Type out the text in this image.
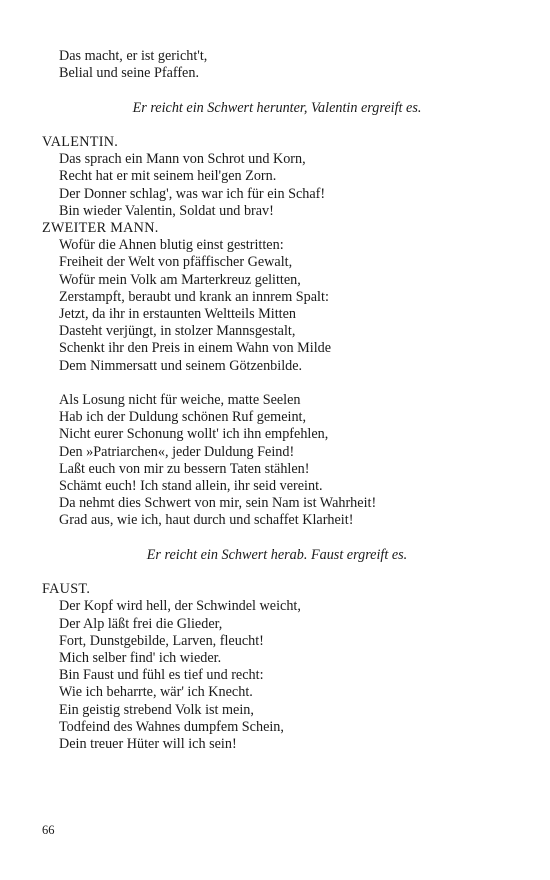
Das macht, er ist gericht't,
Belial und seine Pfaffen.
Er reicht ein Schwert herunter, Valentin ergreift es.
VALENTIN.
Das sprach ein Mann von Schrot und Korn,
Recht hat er mit seinem heil'gen Zorn.
Der Donner schlag', was war ich für ein Schaf!
Bin wieder Valentin, Soldat und brav!
ZWEITER MANN.
Wofür die Ahnen blutig einst gestritten:
Freiheit der Welt von pfäffischer Gewalt,
Wofür mein Volk am Marterkreuz gelitten,
Zerstampft, beraubt und krank an innrem Spalt:
Jetzt, da ihr in erstaunten Weltteils Mitten
Dasteht verjüngt, in stolzer Mannsgestalt,
Schenkt ihr den Preis in einem Wahn von Milde
Dem Nimmersatt und seinem Götzenbilde.
Als Losung nicht für weiche, matte Seelen
Hab ich der Duldung schönen Ruf gemeint,
Nicht eurer Schonung wollt' ich ihn empfehlen,
Den »Patriarchen«, jeder Duldung Feind!
Laßt euch von mir zu bessern Taten stählen!
Schämt euch! Ich stand allein, ihr seid vereint.
Da nehmt dies Schwert von mir, sein Nam ist Wahrheit!
Grad aus, wie ich, haut durch und schaffet Klarheit!
Er reicht ein Schwert herab. Faust ergreift es.
FAUST.
Der Kopf wird hell, der Schwindel weicht,
Der Alp läßt frei die Glieder,
Fort, Dunstgebilde, Larven, fleucht!
Mich selber find' ich wieder.
Bin Faust und fühl es tief und recht:
Wie ich beharrte, wär' ich Knecht.
Ein geistig strebend Volk ist mein,
Todfeind des Wahnes dumpfem Schein,
Dein treuer Hüter will ich sein!
66
